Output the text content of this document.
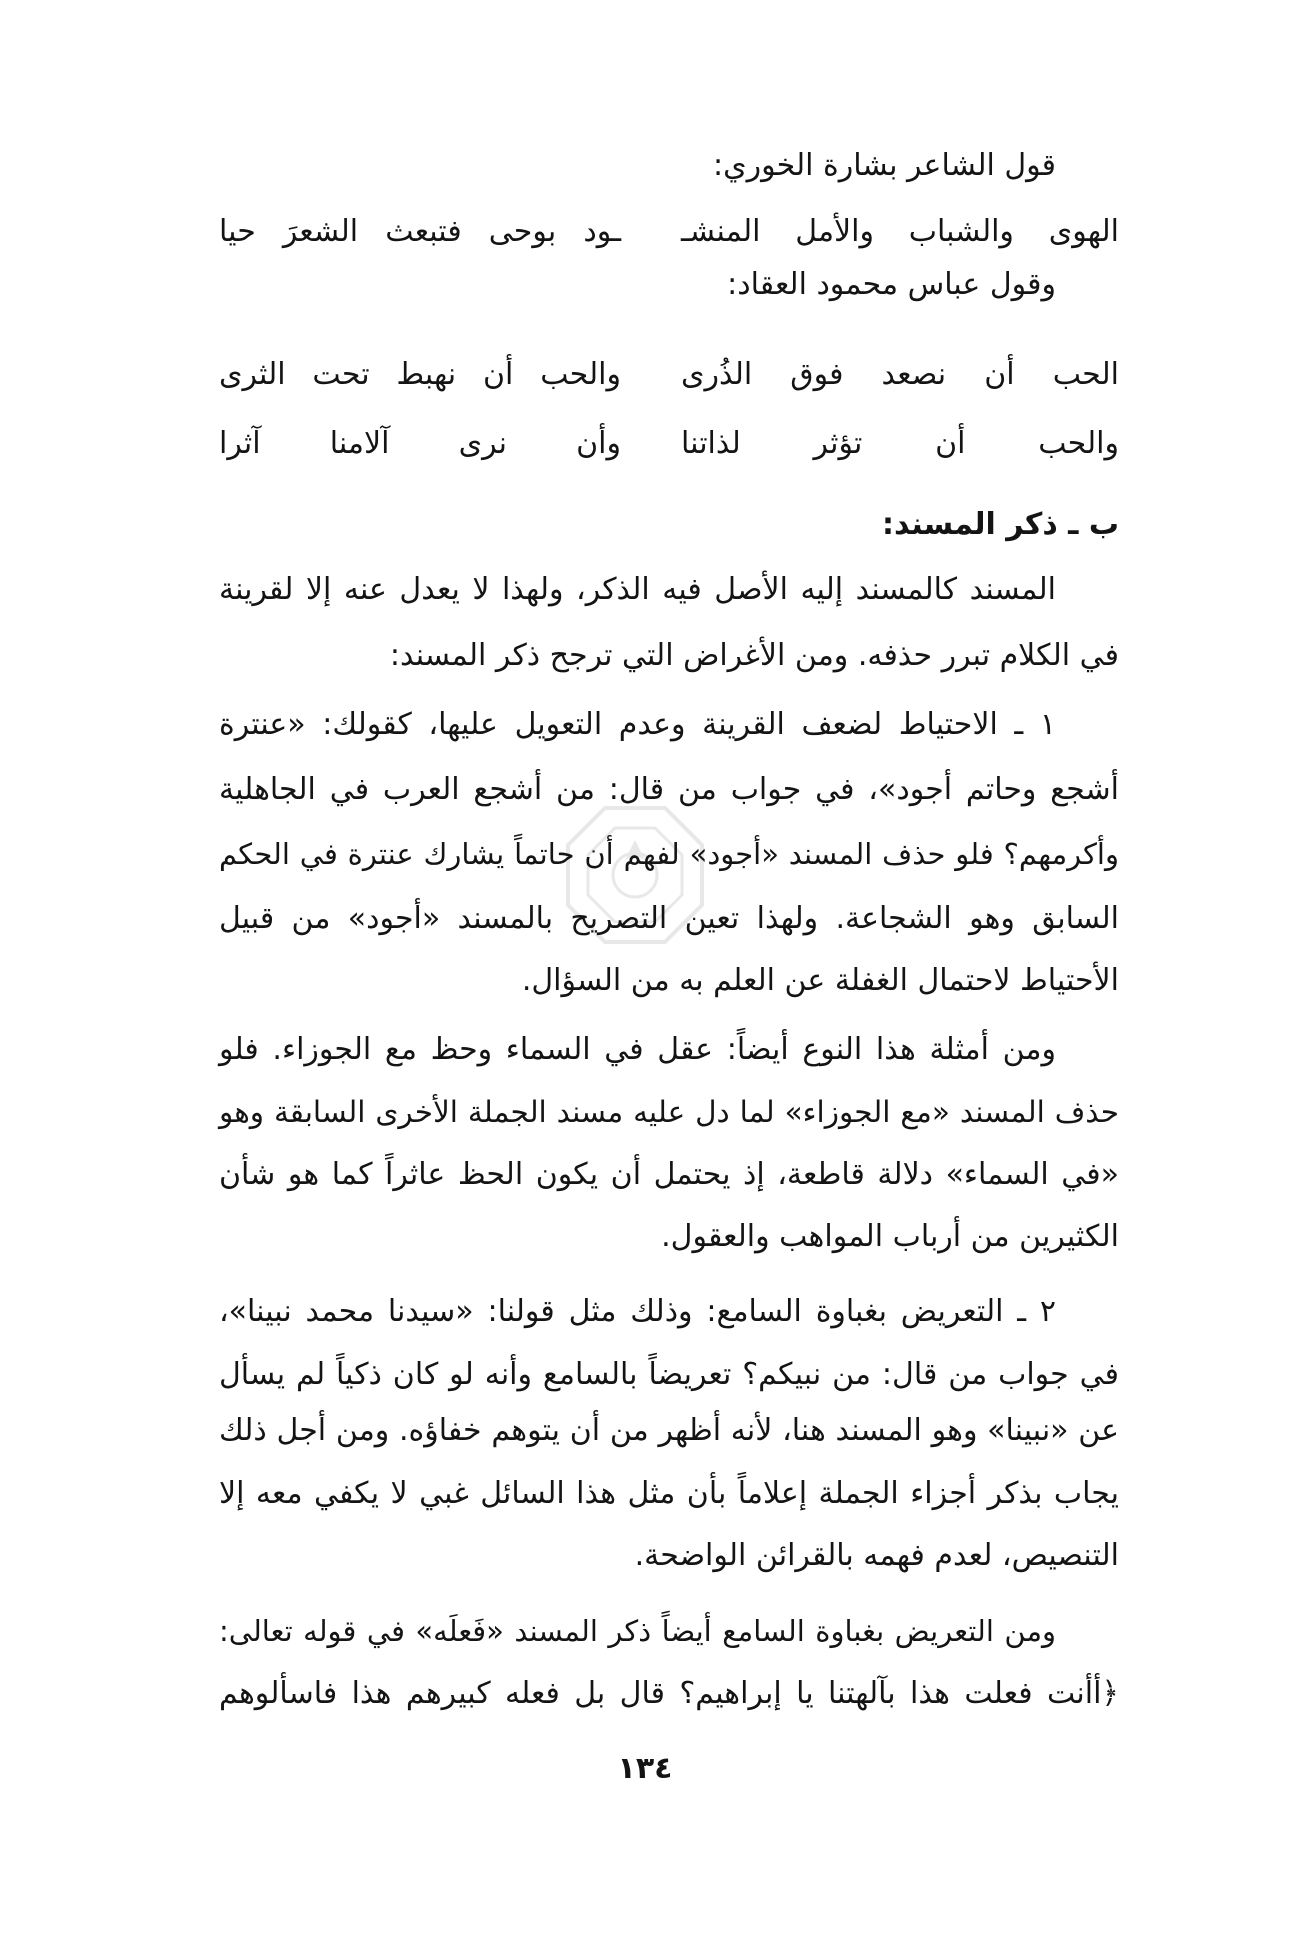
قول الشاعر بشارة الخوري:
الهوى والشباب والأمل المنشـ
ـود بوحى فتبعث الشعرَ حيا
وقول عباس محمود العقاد:
الحب أن نصعد فوق الذُرى
والحب أن نهبط تحت الثرى
والحب أن تؤثر لذاتنا
وأن نرى آلامنا آثرا
ب ـ ذكر المسند:
المسند كالمسند إليه الأصل فيه الذكر، ولهذا لا يعدل عنه إلا لقرينة
في الكلام تبرر حذفه. ومن الأغراض التي ترجح ذكر المسند:
١ ـ الاحتياط لضعف القرينة وعدم التعويل عليها، كقولك: «عنترة
أشجع وحاتم أجود»، في جواب من قال: من أشجع العرب في الجاهلية
وأكرمهم؟ فلو حذف المسند «أجود» لفهم أن حاتماً يشارك عنترة في الحكم
السابق وهو الشجاعة. ولهذا تعين التصريح بالمسند «أجود» من قبيل
الأحتياط لاحتمال الغفلة عن العلم به من السؤال.
ومن أمثلة هذا النوع أيضاً: عقل في السماء وحظ مع الجوزاء. فلو
حذف المسند «مع الجوزاء» لما دل عليه مسند الجملة الأخرى السابقة وهو
«في السماء» دلالة قاطعة، إذ يحتمل أن يكون الحظ عاثراً كما هو شأن
الكثيرين من أرباب المواهب والعقول.
٢ ـ التعريض بغباوة السامع: وذلك مثل قولنا: «سيدنا محمد نبينا»،
في جواب من قال: من نبيكم؟ تعريضاً بالسامع وأنه لو كان ذكياً لم يسأل
عن «نبينا» وهو المسند هنا، لأنه أظهر من أن يتوهم خفاؤه. ومن أجل ذلك
يجاب بذكر أجزاء الجملة إعلاماً بأن مثل هذا السائل غبي لا يكفي معه إلا
التنصيص، لعدم فهمه بالقرائن الواضحة.
ومن التعريض بغباوة السامع أيضاً ذكر المسند «فَعلَه» في قوله تعالى:
﴿أأنت فعلت هذا بآلهتنا يا إبراهيم؟ قال بل فعله كبيرهم هذا فاسألوهم
١٣٤
